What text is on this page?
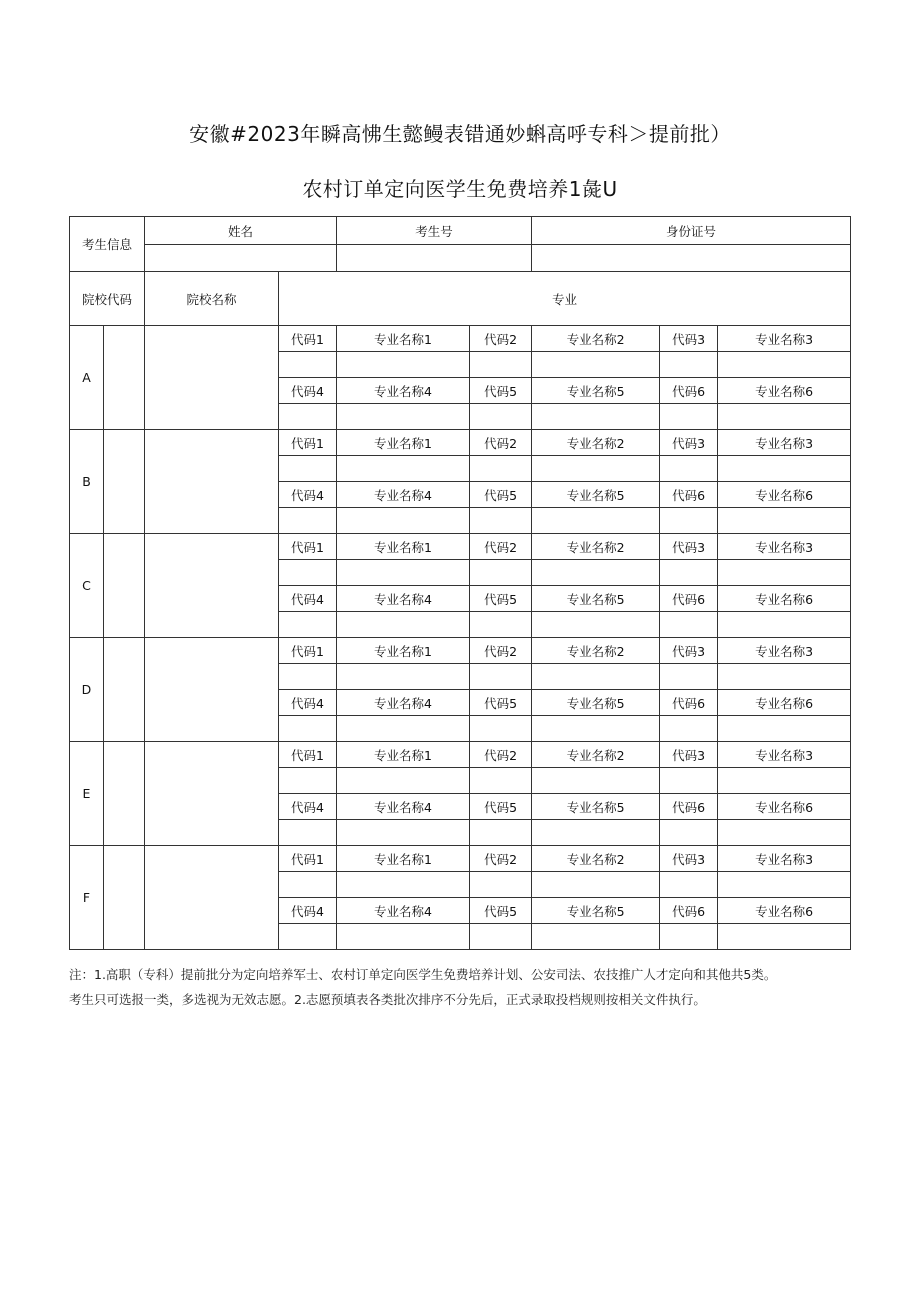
安徽#2023年瞬高怫生懿鳗表错通妙蝌高呼专科＞提前批）
农村订单定向医学生免费培养1彘U
考生信息		姓名		考生号		身份证号		

院校代码		院校名称	专业					
A			代码1	专业名称1	代码2	专业名称2	代码3	专业名称3

			代码4	专业名称4	代码5	专业名称5	代码6	专业名称6

B			代码1	专业名称1	代码2	专业名称2	代码3	专业名称3

			代码4	专业名称4	代码5	专业名称5	代码6	专业名称6

C			代码1	专业名称1	代码2	专业名称2	代码3	专业名称3

			代码4	专业名称4	代码5	专业名称5	代码6	专业名称6

D			代码1	专业名称1	代码2	专业名称2	代码3	专业名称3

			代码4	专业名称4	代码5	专业名称5	代码6	专业名称6

E			代码1	专业名称1	代码2	专业名称2	代码3	专业名称3

			代码4	专业名称4	代码5	专业名称5	代码6	专业名称6

F			代码1	专业名称1	代码2	专业名称2	代码3	专业名称3

			代码4	专业名称4	代码5	专业名称5	代码6	专业名称6

注：1.高职（专科）提前批分为定向培养军士、农村订单定向医学生免费培养计划、公安司法、农技推广人才定向和其他共5类。
考生只可选报一类，多选视为无效志愿。2.志愿预填表各类批次排序不分先后，正式录取投档规则按相关文件执行。
